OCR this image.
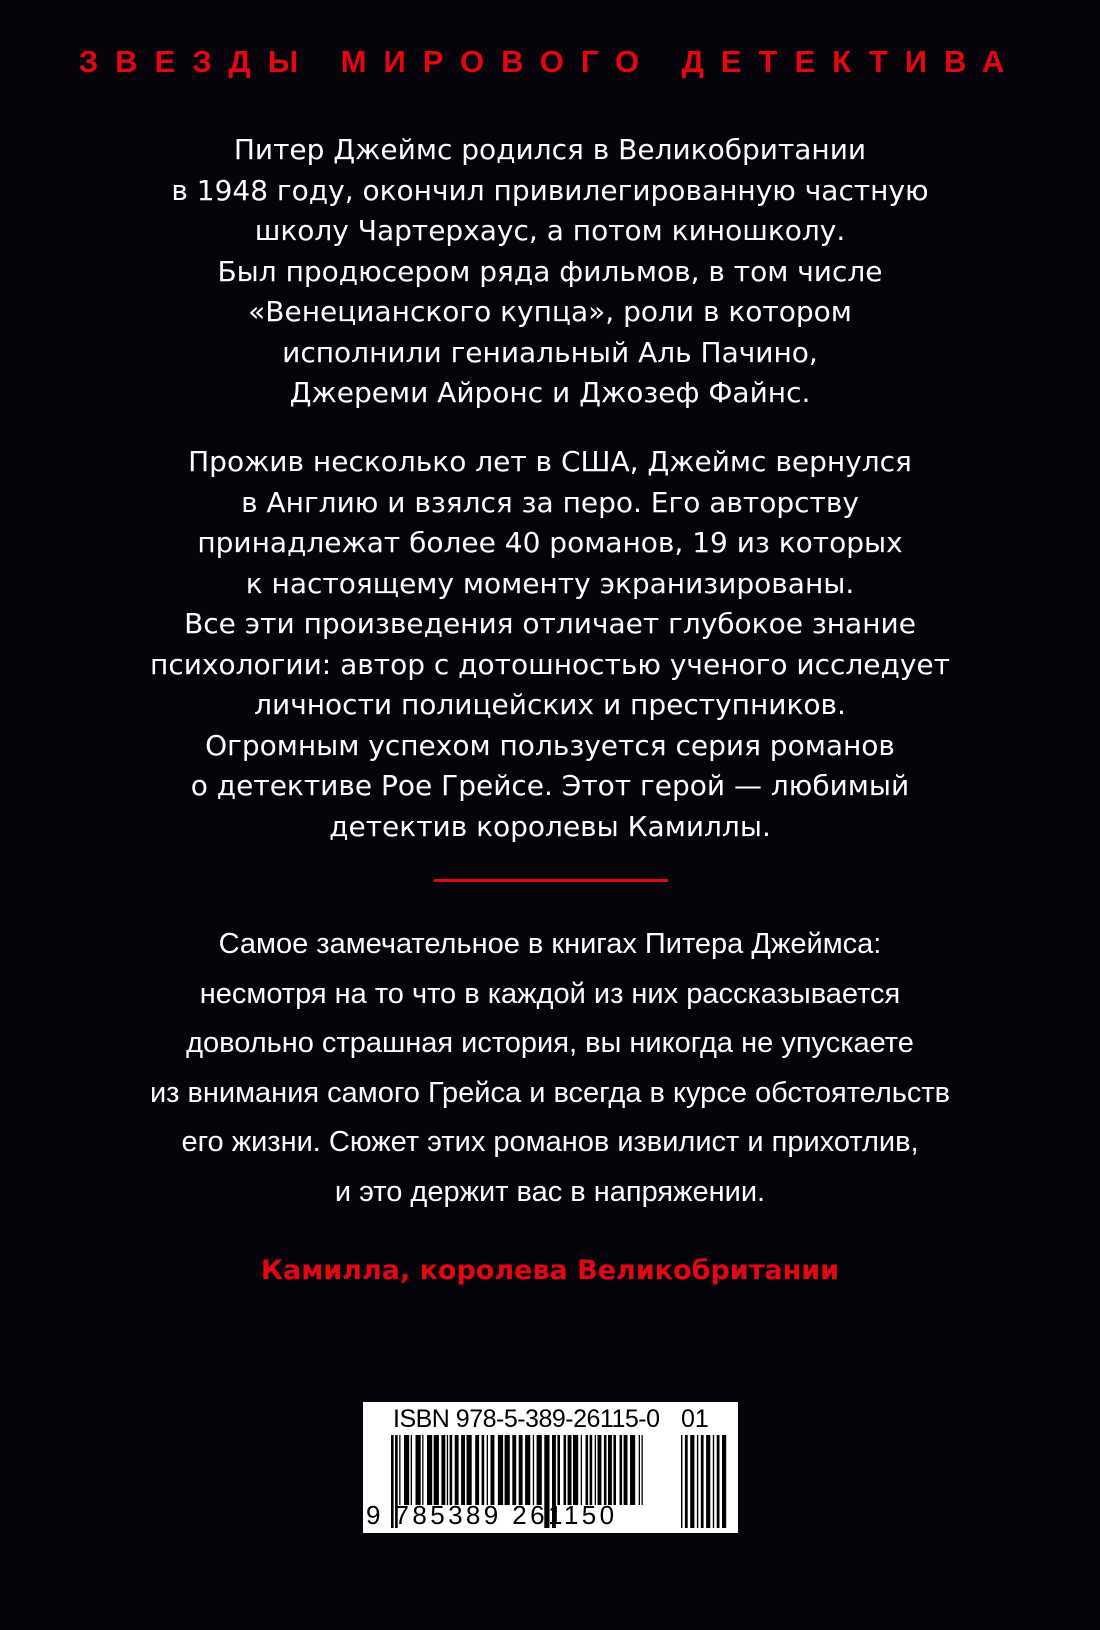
ЗВЕЗДЫ МИРОВОГО ДЕТЕКТИВА
Питер Джеймс родился в Великобритании
в 1948 году, окончил привилегированную частную
школу Чартерхаус, а потом киношколу.
Был продюсером ряда фильмов, в том числе
«Венецианского купца», роли в котором
исполнили гениальный Аль Пачино,
Джереми Айронс и Джозеф Файнс.
Прожив несколько лет в США, Джеймс вернулся
в Англию и взялся за перо. Его авторству
принадлежат более 40 романов, 19 из которых
к настоящему моменту экранизированы.
Все эти произведения отличает глубокое знание
психологии: автор с дотошностью ученого исследует
личности полицейских и преступников.
Огромным успехом пользуется серия романов
о детективе Рое Грейсе. Этот герой — любимый
детектив королевы Камиллы.
Самое замечательное в книгах Питера Джеймса:
несмотря на то что в каждой из них рассказывается
довольно страшная история, вы никогда не упускаете
из внимания самого Грейса и всегда в курсе обстоятельств
его жизни. Сюжет этих романов извилист и прихотлив,
и это держит вас в напряжении.
Камилла, королева Великобритании
ISBN 978-5-389-26115-0 01
9 785389 261150
